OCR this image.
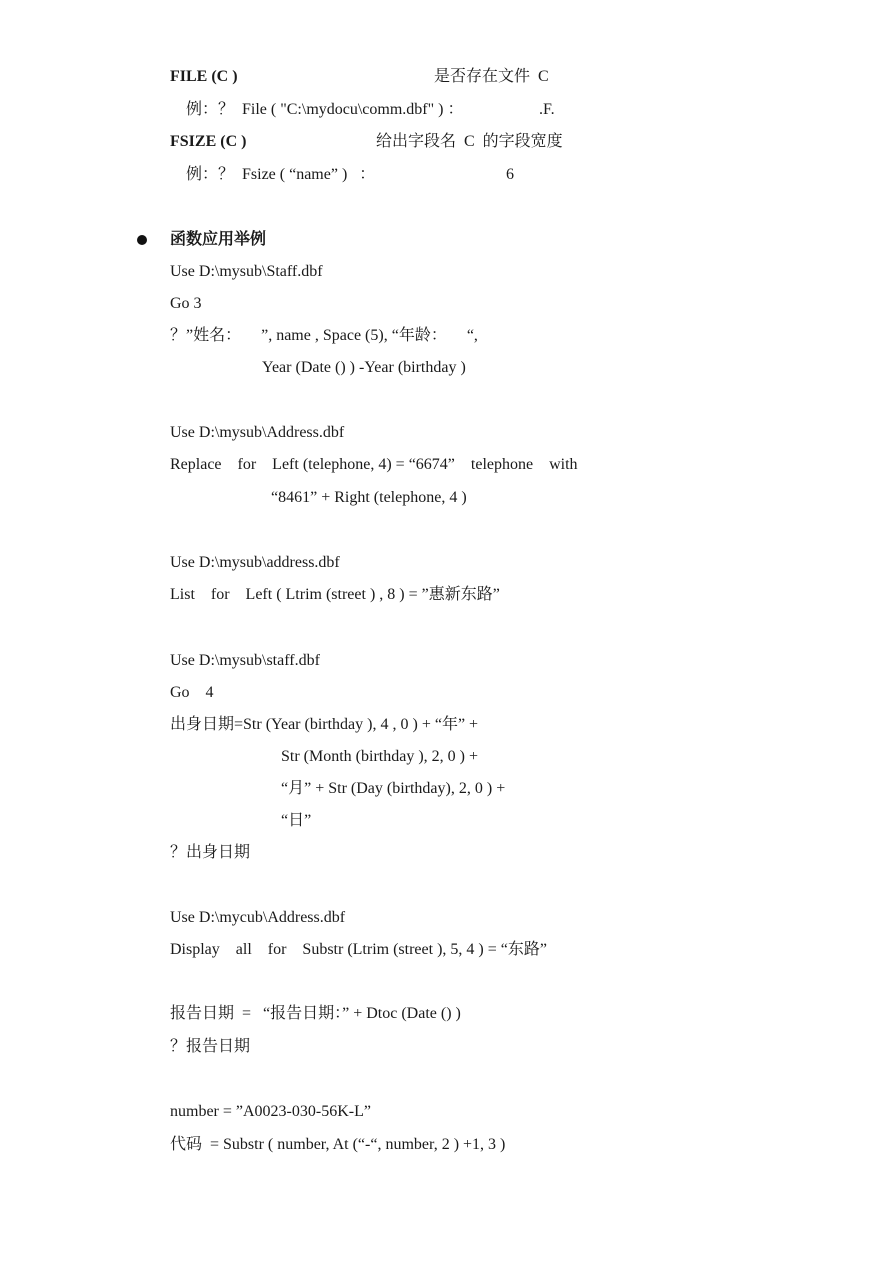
FILE (C )	是否存在文件  C
例：？  File ( "C:\mydocu\comm.dbf" ) ：	.F.
FSIZE (C )	给出字段名  C  的字段宽度
例：？  Fsize ( “name” )   ：	6
函数应用举例
Use D:\mysub\Staff.dbf
Go 3
？”姓名：     ”, name , Space (5), “年龄：     “,
Year (Date () ) -Year (birthday )
Use D:\mysub\Address.dbf
Replace    for    Left (telephone, 4) = “6674”    telephone    with
“8461” + Right (telephone, 4 )
Use D:\mysub\address.dbf
List    for    Left ( Ltrim (street ) , 8 ) = ”惠新东路”
Use D:\mysub\staff.dbf
Go    4
出身日期=Str (Year (birthday ), 4 , 0 ) + “年” +
Str (Month (birthday ), 2, 0 ) +
“月” + Str (Day (birthday), 2, 0 ) +
“日”
？出身日期
Use D:\mycub\Address.dbf
Display    all    for    Substr (Ltrim (street ), 5, 4 ) = “东路”
报告日期  =   “报告日期：” + Dtoc (Date () )
？报告日期
number = ”A0023-030-56K-L”
代码  = Substr ( number, At (“-“, number, 2 ) +1, 3 )
